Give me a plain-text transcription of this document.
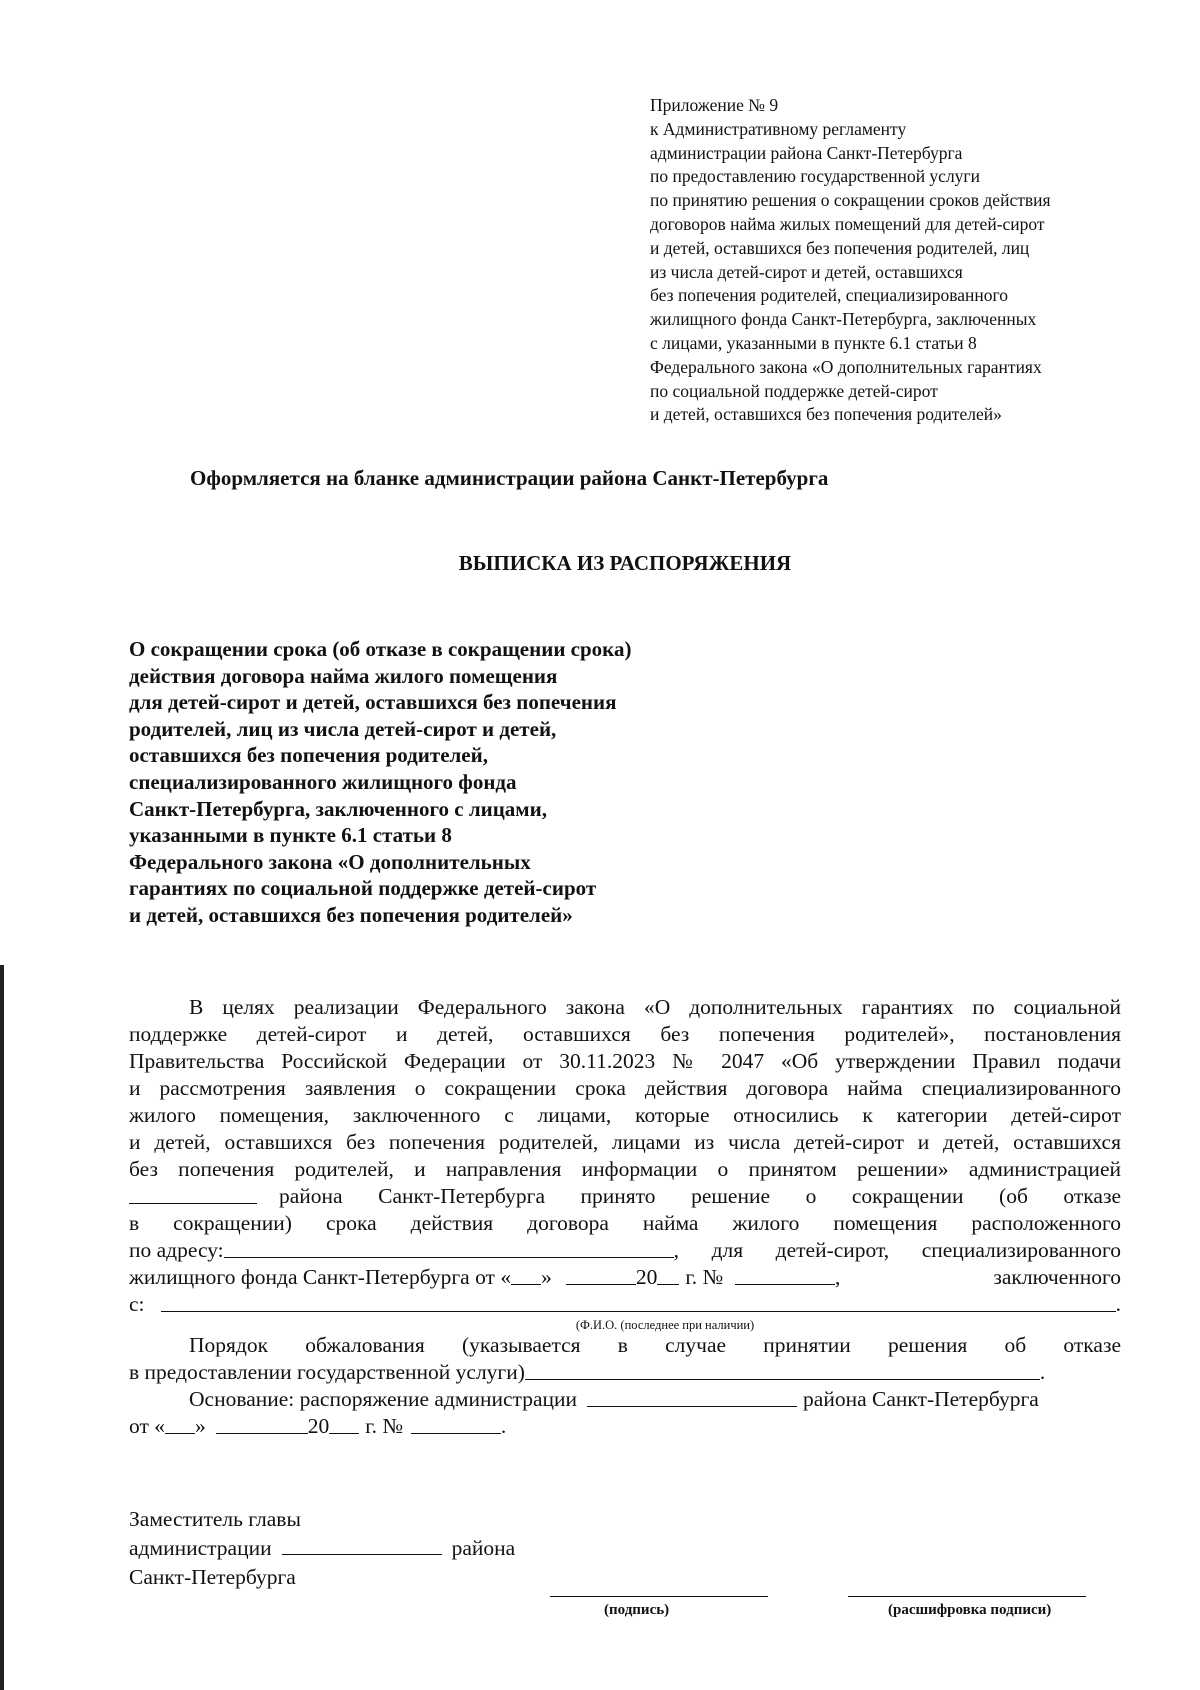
Приложение № 9
к Административному регламенту
администрации района Санкт-Петербурга
по предоставлению государственной услуги
по принятию решения о сокращении сроков действия
договоров найма жилых помещений для детей-сирот
и детей, оставшихся без попечения родителей, лиц
из числа детей-сирот и детей, оставшихся
без попечения родителей, специализированного
жилищного фонда Санкт-Петербурга, заключенных
с лицами, указанными в пункте 6.1 статьи 8
Федерального закона «О дополнительных гарантиях
по социальной поддержке детей-сирот
и детей, оставшихся без попечения родителей»
Оформляется на бланке администрации района Санкт-Петербурга
ВЫПИСКА ИЗ РАСПОРЯЖЕНИЯ
О сокращении срока (об отказе в сокращении срока)
действия договора найма жилого помещения
для детей-сирот и детей, оставшихся без попечения
родителей, лиц из числа детей-сирот и детей,
оставшихся без попечения родителей,
специализированного жилищного фонда
Санкт-Петербурга, заключенного с лицами,
указанными в пункте 6.1 статьи 8
Федерального закона «О дополнительных
гарантиях по социальной поддержке детей-сирот
и детей, оставшихся без попечения родителей»
В целях реализации Федерального закона «О дополнительных гарантиях по социальной
поддержке детей-сирот и детей, оставшихся без попечения родителей», постановления
Правительства Российской Федерации от 30.11.2023 № 2047 «Об утверждении Правил подачи
и рассмотрения заявления о сокращении срока действия договора найма специализированного
жилого помещения, заключенного с лицами, которые относились к категории детей-сирот
и детей, оставшихся без попечения родителей, лицами из числа детей-сирот и детей, оставшихся
без попечения родителей, и направления информации о принятом решении» администрацией
района Санкт-Петербурга принято решение о сокращении (об отказе
в сокращении) срока действия договора найма жилого помещения расположенного
по адресу:	, для детей-сирот, специализированного
жилищного фонда Санкт-Петербурга от « »	20 г. №	, заключенного
с:	.
(Ф.И.О. (последнее при наличии)
Порядок обжалования (указывается в случае принятии решения об отказе
в предоставлении государственной услуги)	.
Основание: распоряжение администрации	района Санкт-Петербурга
от « »	20 г. №	.
Заместитель главы
администрации	района
Санкт-Петербурга
(подпись)	(расшифровка подписи)
